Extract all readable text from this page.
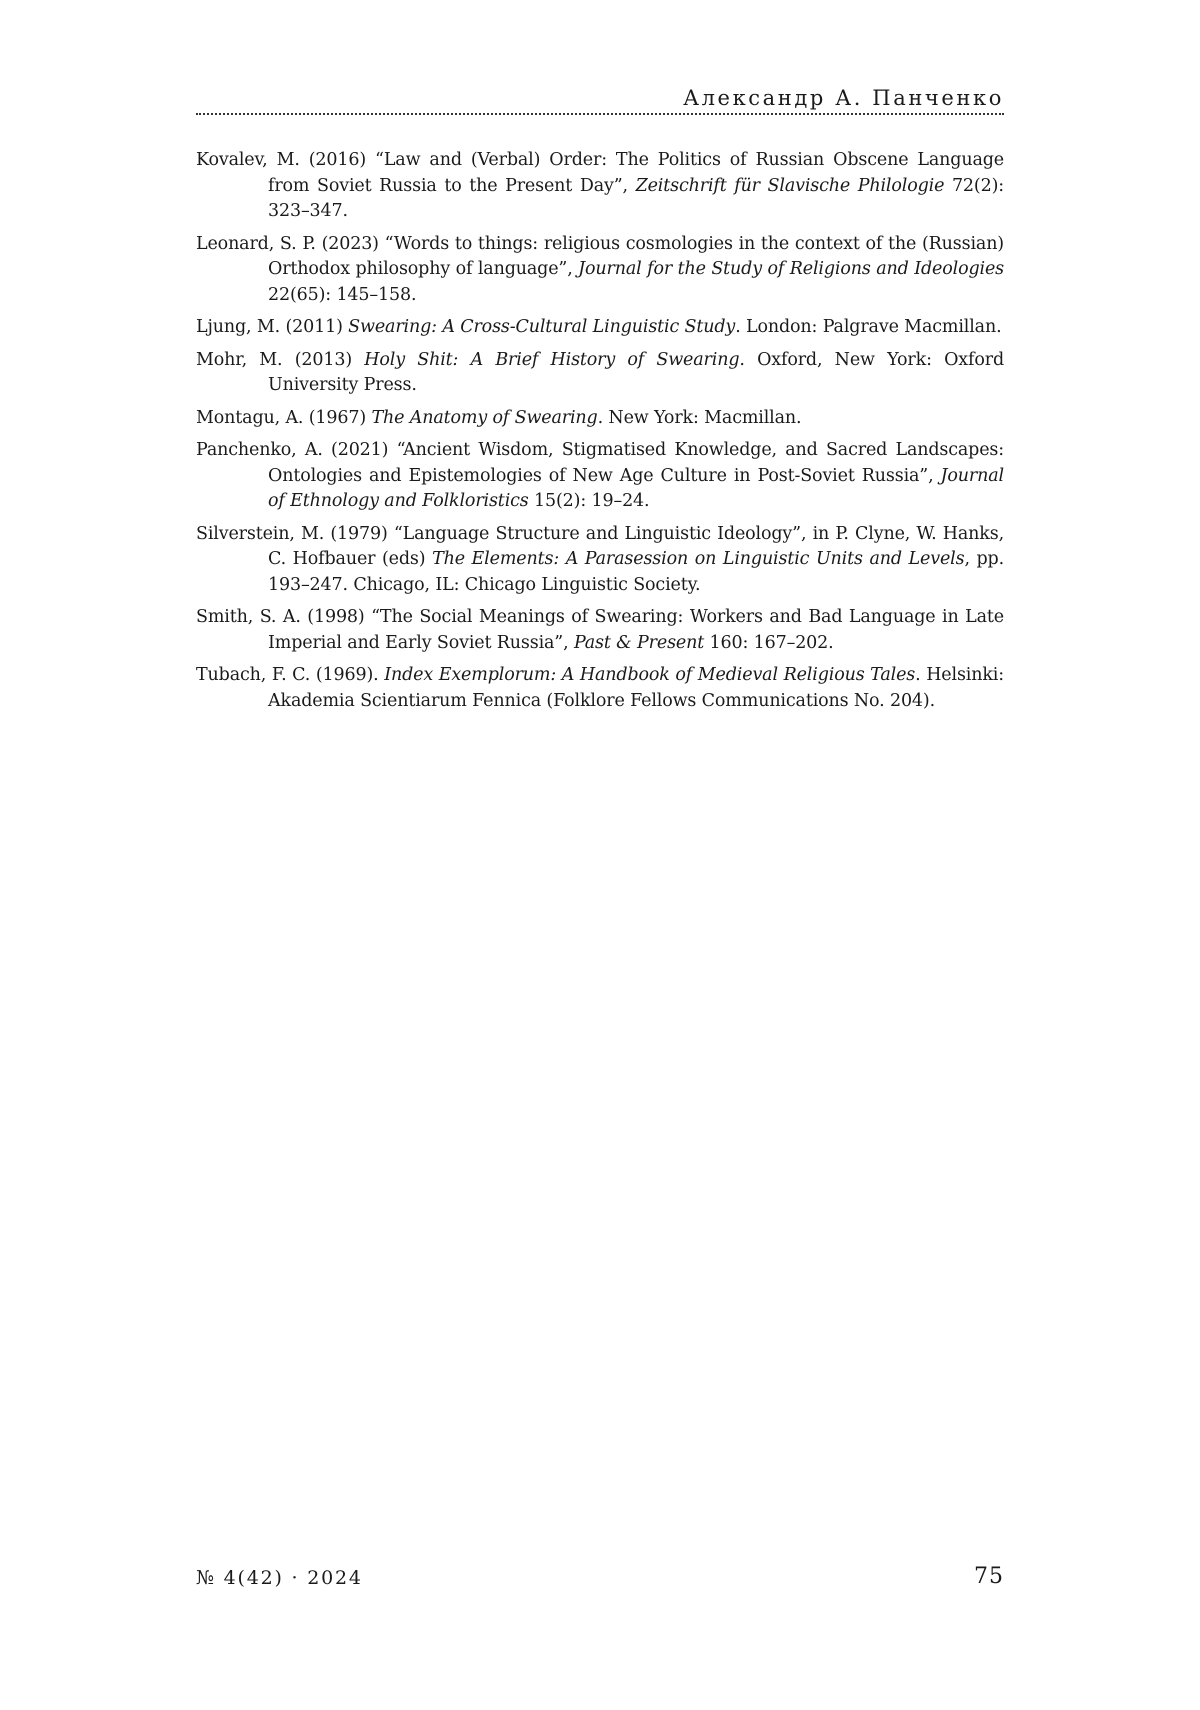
Александр А. Панченко

Kovalev, M. (2016) “Law and (Verbal) Order: The Politics of Russian Obscene Language from Soviet Russia to the Present Day”, Zeitschrift für Slavische Philologie 72(2): 323–347.

Leonard, S. P. (2023) “Words to things: religious cosmologies in the context of the (Russian) Orthodox philosophy of language”, Journal for the Study of Religions and Ideologies 22(65): 145–158.

Ljung, M. (2011) Swearing: A Cross-Cultural Linguistic Study. London: Palgrave Macmillan.

Mohr, M. (2013) Holy Shit: A Brief History of Swearing. Oxford, New York: Oxford University Press.

Montagu, A. (1967) The Anatomy of Swearing. New York: Macmillan.

Panchenko, A. (2021) “Ancient Wisdom, Stigmatised Knowledge, and Sacred Landscapes: Ontologies and Epistemologies of New Age Culture in Post-Soviet Russia”, Journal of Ethnology and Folkloristics 15(2): 19–24.

Silverstein, M. (1979) “Language Structure and Linguistic Ideology”, in P. Clyne, W. Hanks, C. Hofbauer (eds) The Elements: A Parasession on Linguistic Units and Levels, pp. 193–247. Chicago, IL: Chicago Linguistic Society.

Smith, S. A. (1998) “The Social Meanings of Swearing: Workers and Bad Language in Late Imperial and Early Soviet Russia”, Past & Present 160: 167–202.

Tubach, F. C. (1969). Index Exemplorum: A Handbook of Medieval Religious Tales. Helsinki: Akademia Scientiarum Fennica (Folklore Fellows Communications No. 204).

№ 4(42) · 2024	75
